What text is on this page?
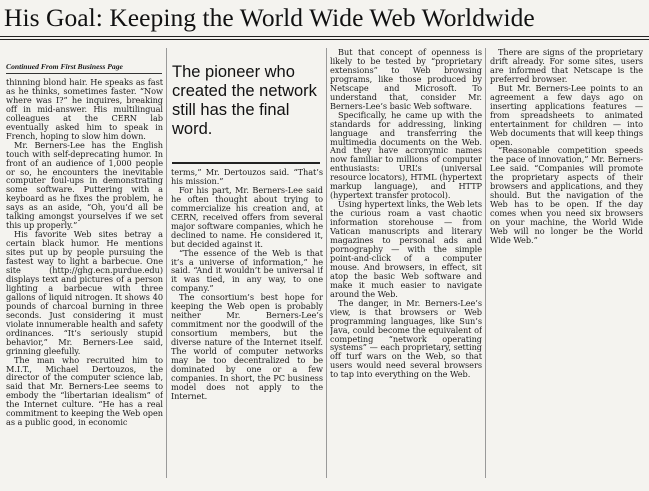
His Goal: Keeping the World Wide Web Worldwide
Continued From First Business Page	The pioneer who created the network still has the final word.

thinning blond hair. He speaks as fast as he thinks, sometimes faster. “Now where was I?” he inquires, breaking off in mid-answer. His multilingual colleagues at the CERN lab eventually asked him to speak in French, hoping to slow him down.

Mr. Berners-Lee has the English touch with self-deprecating humor. In front of an audience of 1,000 people or so, he encounters the inevitable computer foul-ups in demonstrating some software. Puttering with a keyboard as he fixes the problem, he says as an aside, “Oh, you’d all be talking amongst yourselves if we set this up properly.”

His favorite Web sites betray a certain black humor. He mentions sites put up by people pursuing the fastest way to light a barbecue. One site (http://ghg.ecn.purdue.edu) displays text and pictures of a person lighting a barbecue with three gallons of liquid nitrogen. It shows 40 pounds of charcoal burning in three seconds. Just considering it must violate innumerable health and safety ordinances. “It’s seriously stupid behavior,” Mr. Berners-Lee said, grinning gleefully.

The man who recruited him to M.I.T., Michael Dertouzos, the director of the computer science lab, said that Mr. Berners-Lee seems to embody the “libertarian idealism” of the Internet culture. “He has a real commitment to keeping the Web open as a public good, in economic

terms,” Mr. Dertouzos said. “That’s his mission.”

For his part, Mr. Berners-Lee said he often thought about trying to commercialize his creation and, at CERN, received offers from several major software companies, which he declined to name. He considered it, but decided against it.

“The essence of the Web is that it’s a universe of information,” he said. “And it wouldn’t be universal if it was tied, in any way, to one company.”

The consortium’s best hope for keeping the Web open is probably neither Mr. Berners-Lee’s commitment nor the goodwill of the consortium members, but the diverse nature of the Internet itself. The world of computer networks may be too decentralized to be dominated by one or a few companies. In short, the PC business model does not apply to the Internet.

But that concept of openness is likely to be tested by “proprietary extensions” to Web browsing programs, like those produced by Netscape and Microsoft. To understand that, consider Mr. Berners-Lee’s basic Web software.

Specifically, he came up with the standards for addressing, linking language and transferring the multimedia documents on the Web. And they have acronymic names now familiar to millions of computer enthusiasts: URL’s (universal resource locators), HTML (hypertext markup language), and HTTP (hypertext transfer protocol).

Using hypertext links, the Web lets the curious roam a vast chaotic information storehouse — from Vatican manuscripts and literary magazines to personal ads and pornography — with the simple point-and-click of a computer mouse. And browsers, in effect, sit atop the basic Web software and make it much easier to navigate around the Web.

The danger, in Mr. Berners-Lee’s view, is that browsers or Web programming languages, like Sun’s Java, could become the equivalent of competing “network operating systems” — each proprietary, setting off turf wars on the Web, so that users would need several browsers to tap into everything on the Web.

There are signs of the proprietary drift already. For some sites, users are informed that Netscape is the preferred browser.

But Mr. Berners-Lee points to an agreement a few days ago on inserting applications features — from spreadsheets to animated entertainment for children — into Web documents that will keep things open.

“Reasonable competition speeds the pace of innovation,” Mr. Berners-Lee said. “Companies will promote the proprietary aspects of their browsers and applications, and they should. But the navigation of the Web has to be open. If the day comes when you need six browsers on your machine, the World Wide Web will no longer be the World Wide Web.”
